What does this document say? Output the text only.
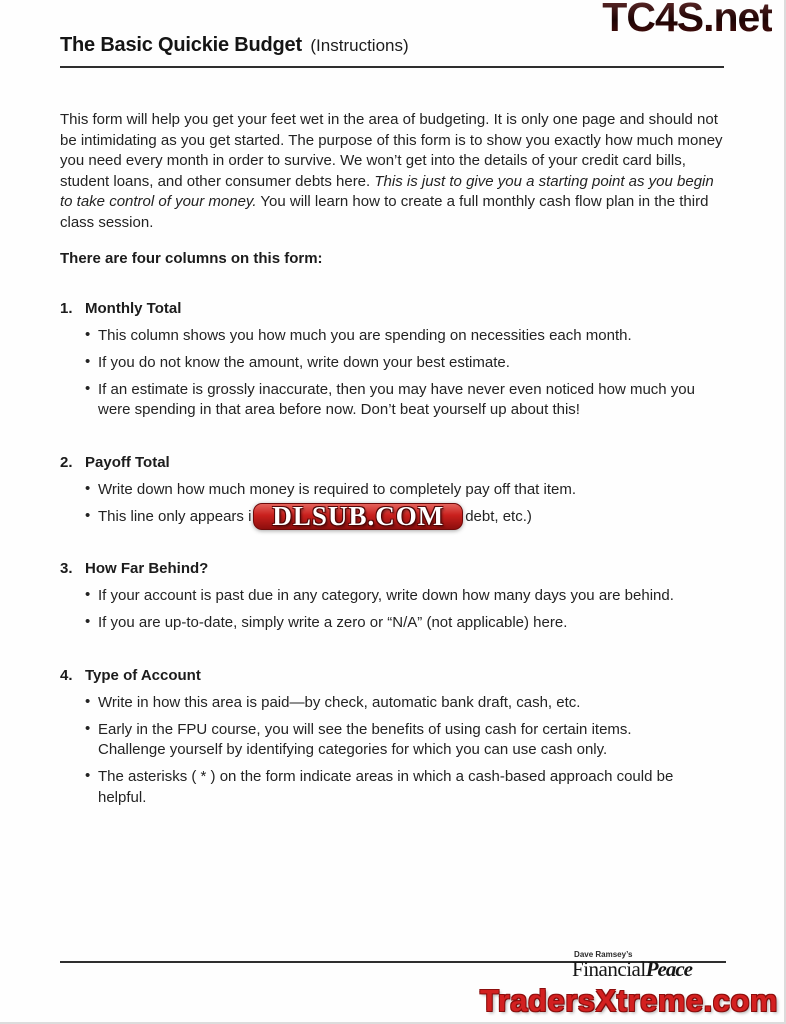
TC4S.net
The Basic Quickie Budget (Instructions)

This form will help you get your feet wet in the area of budgeting. It is only one page and should not be intimidating as you get started. The purpose of this form is to show you exactly how much money you need every month in order to survive. We won’t get into the details of your credit card bills, student loans, and other consumer debts here. This is just to give you a starting point as you begin to take control of your money. You will learn how to create a full monthly cash flow plan in the third class session.

There are four columns on this form:
1. Monthly Total
• This column shows you how much you are spending on necessities each month.
• If you do not know the amount, write down your best estimate.
• If an estimate is grossly inaccurate, then you may have never even noticed how much you were spending in that area before now. Don’t beat yourself up about this!
2. Payoff Total
• Write down how much money is required to completely pay off that item.
• This line only appears i DLSUB.COM debt, etc.)
3. How Far Behind?
• If your account is past due in any category, write down how many days you are behind.
• If you are up-to-date, simply write a zero or “N/A” (not applicable) here.
4. Type of Account
• Write in how this area is paid—by check, automatic bank draft, cash, etc.
• Early in the FPU course, you will see the benefits of using cash for certain items. Challenge yourself by identifying categories for which you can use cash only.
• The asterisks ( * ) on the form indicate areas in which a cash-based approach could be helpful.
Dave Ramsey’s
FinancialPeace
TradersXtreme.com
